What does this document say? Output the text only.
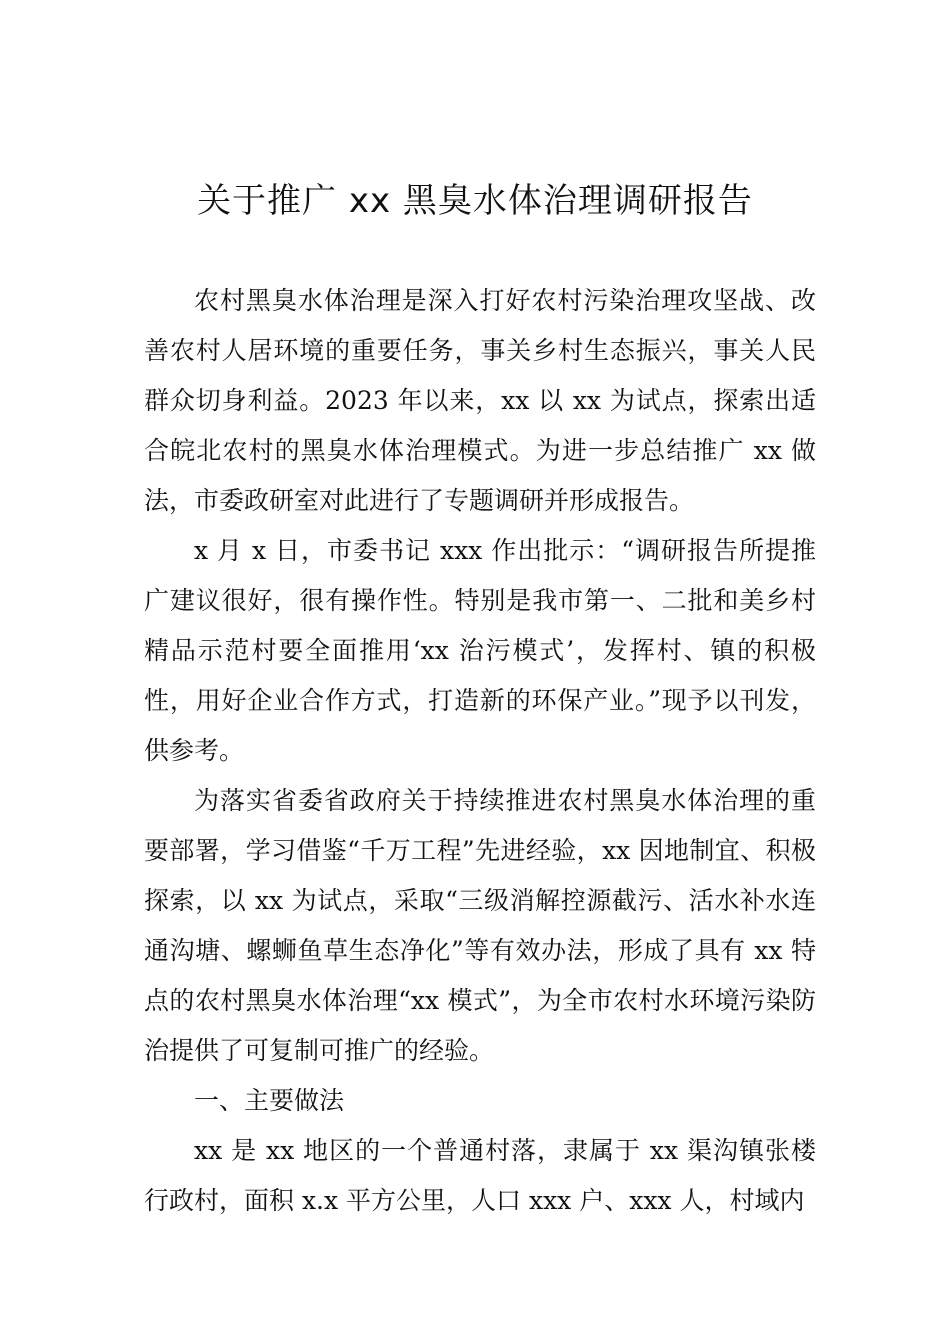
关于推广 xx 黑臭水体治理调研报告

农村黑臭水体治理是深入打好农村污染治理攻坚战、改善农村人居环境的重要任务，事关乡村生态振兴，事关人民群众切身利益。2023 年以来，xx 以 xx 为试点，探索出适合皖北农村的黑臭水体治理模式。为进一步总结推广 xx 做法，市委政研室对此进行了专题调研并形成报告。

x 月 x 日，市委书记 xxx 作出批示：“调研报告所提推广建议很好，很有操作性。特别是我市第一、二批和美乡村精品示范村要全面推用‘xx 治污模式’，发挥村、镇的积极性，用好企业合作方式，打造新的环保产业。”现予以刊发，供参考。

为落实省委省政府关于持续推进农村黑臭水体治理的重要部署，学习借鉴“千万工程”先进经验，xx 因地制宜、积极探索，以 xx 为试点，采取“三级消解控源截污、活水补水连通沟塘、螺蛳鱼草生态净化”等有效办法，形成了具有 xx 特点的农村黑臭水体治理“xx 模式”，为全市农村水环境污染防治提供了可复制可推广的经验。

一、主要做法

xx 是 xx 地区的一个普通村落，隶属于 xx 渠沟镇张楼行政村，面积 x.x 平方公里，人口 xxx 户、xxx 人，村域内
